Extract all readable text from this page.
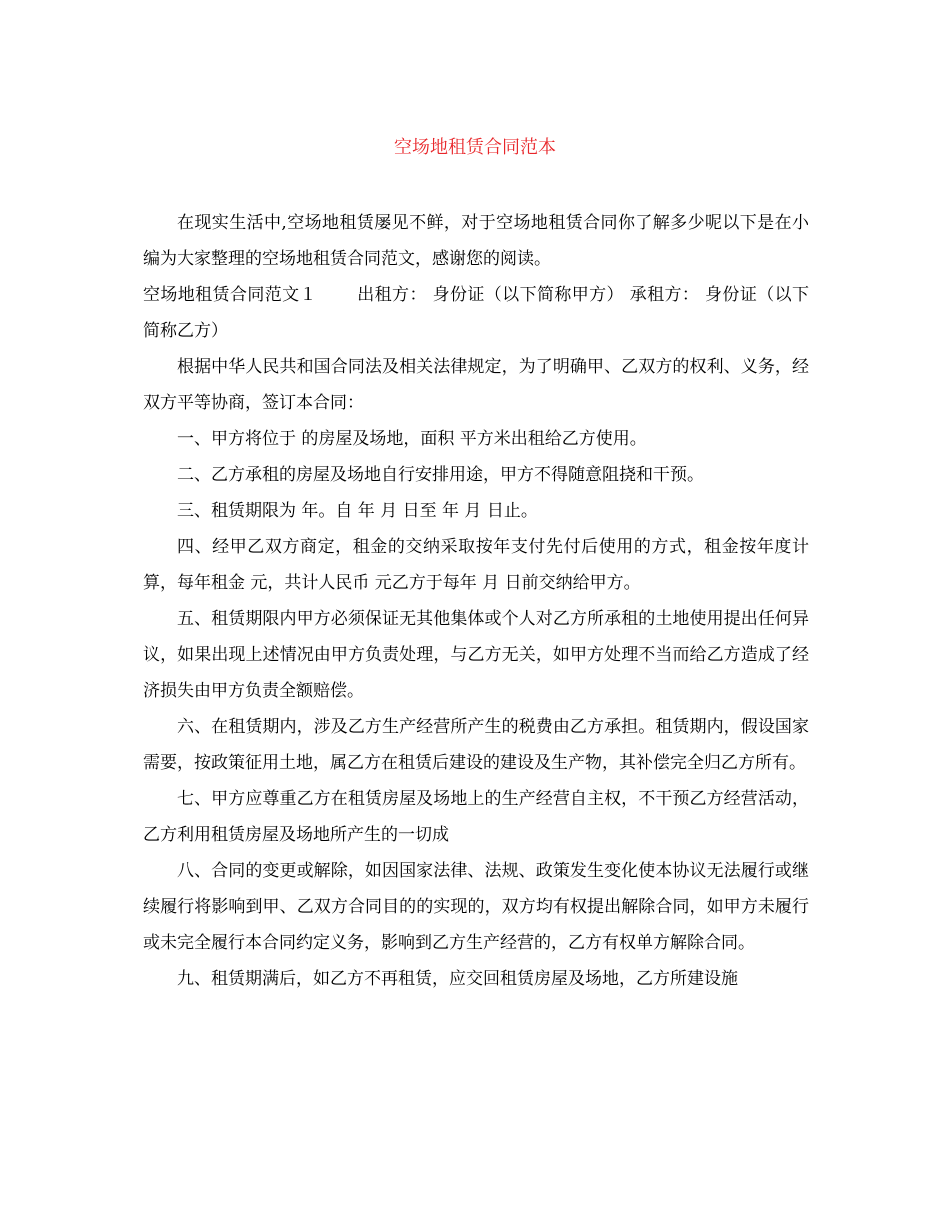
空场地租赁合同范本

在现实生活中,空场地租赁屡见不鲜，对于空场地租赁合同你了解多少呢以下是在小编为大家整理的空场地租赁合同范文，感谢您的阅读。

空场地租赁合同范文１ 出租方： 身份证（以下简称甲方） 承租方： 身份证（以下简称乙方）

根据中华人民共和国合同法及相关法律规定，为了明确甲、乙双方的权利、义务，经双方平等协商，签订本合同：

一、甲方将位于 的房屋及场地，面积 平方米出租给乙方使用。

二、乙方承租的房屋及场地自行安排用途，甲方不得随意阻挠和干预。

三、租赁期限为 年。自 年 月 日至 年 月 日止。

四、经甲乙双方商定，租金的交纳采取按年支付先付后使用的方式，租金按年度计算，每年租金 元，共计人民币 元乙方于每年 月 日前交纳给甲方。

五、租赁期限内甲方必须保证无其他集体或个人对乙方所承租的土地使用提出任何异议，如果出现上述情况由甲方负责处理，与乙方无关，如甲方处理不当而给乙方造成了经济损失由甲方负责全额赔偿。

六、在租赁期内，涉及乙方生产经营所产生的税费由乙方承担。租赁期内，假设国家需要，按政策征用土地，属乙方在租赁后建设的建设及生产物，其补偿完全归乙方所有。

七、甲方应尊重乙方在租赁房屋及场地上的生产经营自主权，不干预乙方经营活动，乙方利用租赁房屋及场地所产生的一切成

八、合同的变更或解除，如因国家法律、法规、政策发生变化使本协议无法履行或继续履行将影响到甲、乙双方合同目的的实现的，双方均有权提出解除合同，如甲方未履行或未完全履行本合同约定义务，影响到乙方生产经营的，乙方有权单方解除合同。

九、租赁期满后，如乙方不再租赁，应交回租赁房屋及场地，乙方所建设施
